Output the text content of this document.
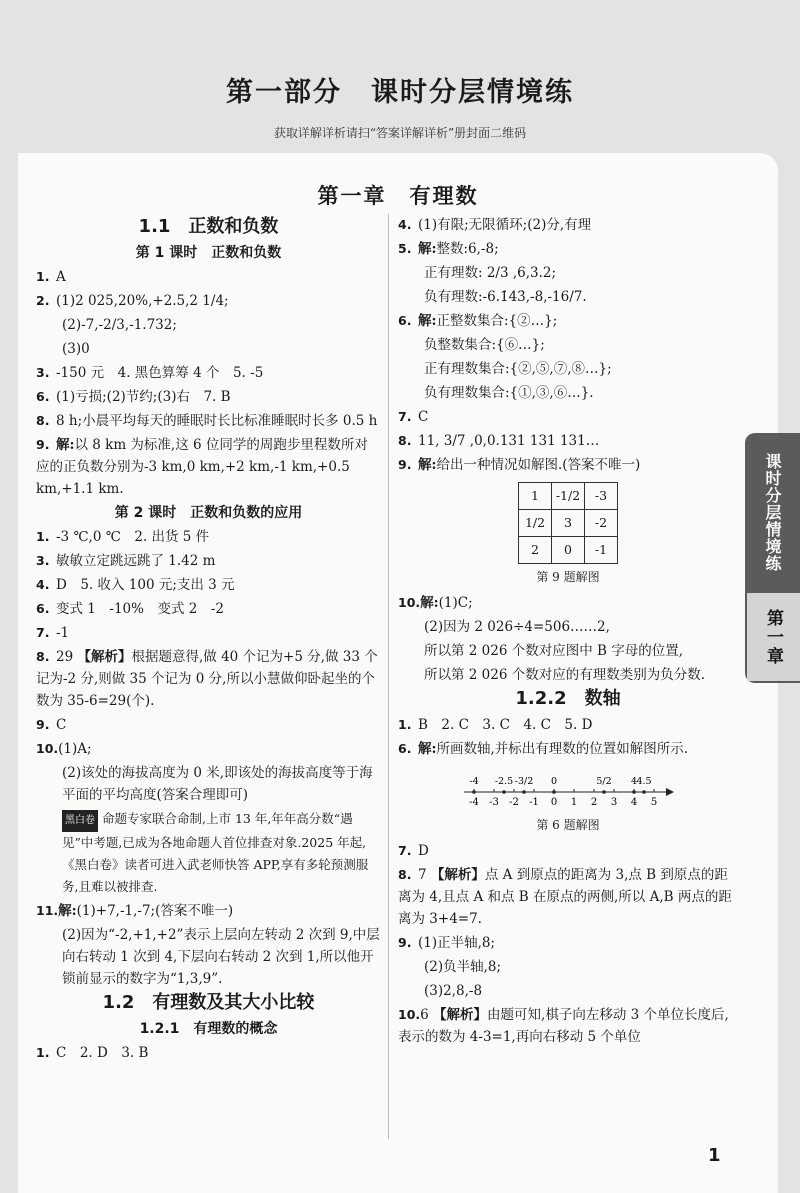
第一部分　课时分层情境练
获取详解详析请扫“答案详解详析”册封面二维码
第一章　有理数
1.1　正数和负数
第 1 课时　正数和负数
1. A
2. (1)2 025,20%,+2.5,2 1/4;
(2)-7,-2/3,-1.732;
(3)0
3. -150 元　4. 黑色算筹 4 个　5. -5
6. (1)亏损;(2)节约;(3)右　7. B
8. 8 h;小晨平均每天的睡眠时长比标准睡眠时长多 0.5 h
9. 解:以 8 km 为标准,这 6 位同学的周跑步里程数所对应的正负数分别为-3 km,0 km,+2 km,-1 km,+0.5 km,+1.1 km.
第 2 课时　正数和负数的应用
1. -3 ℃,0 ℃　2. 出货 5 件
3. 敏敏立定跳远跳了 1.42 m
4. D　5. 收入 100 元;支出 3 元
6. 变式 1　-10%　变式 2　-2
7. -1
8. 29 【解析】根据题意得,做 40 个记为+5 分,做 33 个记为-2 分,则做 35 个记为 0 分,所以小慧做仰卧起坐的个数为 35-6=29(个).
9. C
10.(1)A;
(2)该处的海拔高度为 0 米,即该处的海拔高度等于海平面的平均高度(答案合理即可)
黑白卷 命题专家联合命制,上市 13 年,年年高分数“遇见”中考题,已成为各地命题人首位排查对象.2025 年起,《黑白卷》读者可进入武老师快答 APP,享有多轮预测服务,且难以被排查.
11.解:(1)+7,-1,-7;(答案不唯一)
(2)因为“-2,+1,+2”表示上层向左转动 2 次到 9,中层向右转动 1 次到 4,下层向右转动 2 次到 1,所以他开锁前显示的数字为“1,3,9”.
1.2　有理数及其大小比较
1.2.1　有理数的概念
1. C　2. D　3. B
4. (1)有限;无限循环;(2)分,有理
5. 解:整数:6,-8;
正有理数: 2/3 ,6,3.2;
负有理数:-6.1̇43̇,-8,-16/7.
6. 解:正整数集合:{②…};
负整数集合:{⑥…};
正有理数集合:{②,⑤,⑦,⑧…};
负有理数集合:{①,③,⑥…}.
7. C
8. 11, 3/7 ,0,0.131 131 131…
9. 解:给出一种情况如解图.(答案不唯一)
1	-1/2	-3
1/2	3	-2
2	0	-1
第 9 题解图
10.解:(1)C;
(2)因为 2 026÷4=506……2,
所以第 2 026 个数对应图中 B 字母的位置,
所以第 2 026 个数对应的有理数类别为负分数.
1.2.2　数轴
1. B　2. C　3. C　4. C　5. D
6. 解:所画数轴,并标出有理数的位置如解图所示.
-4 -3 -2 -1 0 1 2 3 4 5
-4 -2.5 -3/2 0	5/2 4 4.5
第 6 题解图
7. D
8. 7 【解析】点 A 到原点的距离为 3,点 B 到原点的距离为 4,且点 A 和点 B 在原点的两侧,所以 A,B 两点的距离为 3+4=7.
9. (1)正半轴,8;
(2)负半轴,8;
(3)2,8,-8
10.6 【解析】由题可知,棋子向左移动 3 个单位长度后,表示的数为 4-3=1,再向右移动 5 个单位
课时分层情境练
第一章
1
